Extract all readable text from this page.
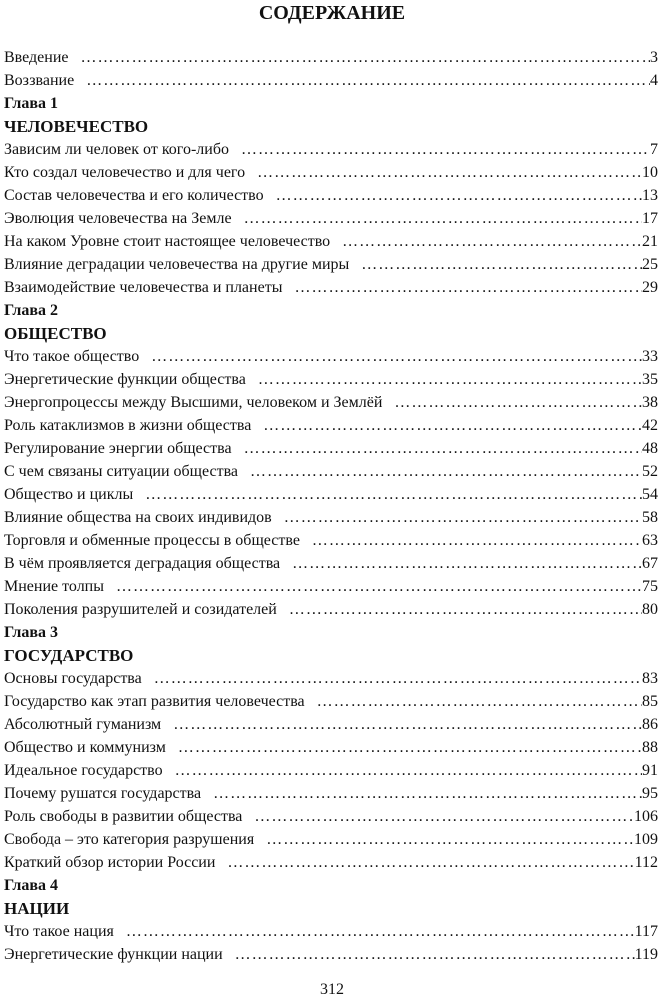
СОДЕРЖАНИЕ
Введение ……………………………………………………………………………………………………………………………………………………………	3
Воззвание ……………………………………………………………………………………………………………………………………………………………	4
Глава 1
ЧЕЛОВЕЧЕСТВО
Зависим ли человек от кого-либо ……………………………………………………………………………………………………………………………………………………………	7
Кто создал человечество и для чего ……………………………………………………………………………………………………………………………………………………………	10
Состав человечества и его количество ……………………………………………………………………………………………………………………………………………………………	13
Эволюция человечества на Земле ……………………………………………………………………………………………………………………………………………………………	17
На каком Уровне стоит настоящее человечество ……………………………………………………………………………………………………………………………………………………………	21
Влияние деградации человечества на другие миры ……………………………………………………………………………………………………………………………………………………………	25
Взаимодействие человечества и планеты ……………………………………………………………………………………………………………………………………………………………	29
Глава 2
ОБЩЕСТВО
Что такое общество ……………………………………………………………………………………………………………………………………………………………	33
Энергетические функции общества ……………………………………………………………………………………………………………………………………………………………	35
Энергопроцессы между Высшими, человеком и Землёй ……………………………………………………………………………………………………………………………………………………………	38
Роль катаклизмов в жизни общества ……………………………………………………………………………………………………………………………………………………………	42
Регулирование энергии общества ……………………………………………………………………………………………………………………………………………………………	48
С чем связаны ситуации общества ……………………………………………………………………………………………………………………………………………………………	52
Общество и циклы ……………………………………………………………………………………………………………………………………………………………	54
Влияние общества на своих индивидов ……………………………………………………………………………………………………………………………………………………………	58
Торговля и обменные процессы в обществе ……………………………………………………………………………………………………………………………………………………………	63
В чём проявляется деградация общества ……………………………………………………………………………………………………………………………………………………………	67
Мнение толпы ……………………………………………………………………………………………………………………………………………………………	75
Поколения разрушителей и созидателей ……………………………………………………………………………………………………………………………………………………………	80
Глава 3
ГОСУДАРСТВО
Основы государства ……………………………………………………………………………………………………………………………………………………………	83
Государство как этап развития человечества ……………………………………………………………………………………………………………………………………………………………	85
Абсолютный гуманизм ……………………………………………………………………………………………………………………………………………………………	86
Общество и коммунизм ……………………………………………………………………………………………………………………………………………………………	88
Идеальное государство ……………………………………………………………………………………………………………………………………………………………	91
Почему рушатся государства ……………………………………………………………………………………………………………………………………………………………	95
Роль свободы в развитии общества ……………………………………………………………………………………………………………………………………………………………	106
Свобода – это категория разрушения ……………………………………………………………………………………………………………………………………………………………	109
Краткий обзор истории России ……………………………………………………………………………………………………………………………………………………………	112
Глава 4
НАЦИИ
Что такое нация ……………………………………………………………………………………………………………………………………………………………	117
Энергетические функции нации ……………………………………………………………………………………………………………………………………………………………	119
312
